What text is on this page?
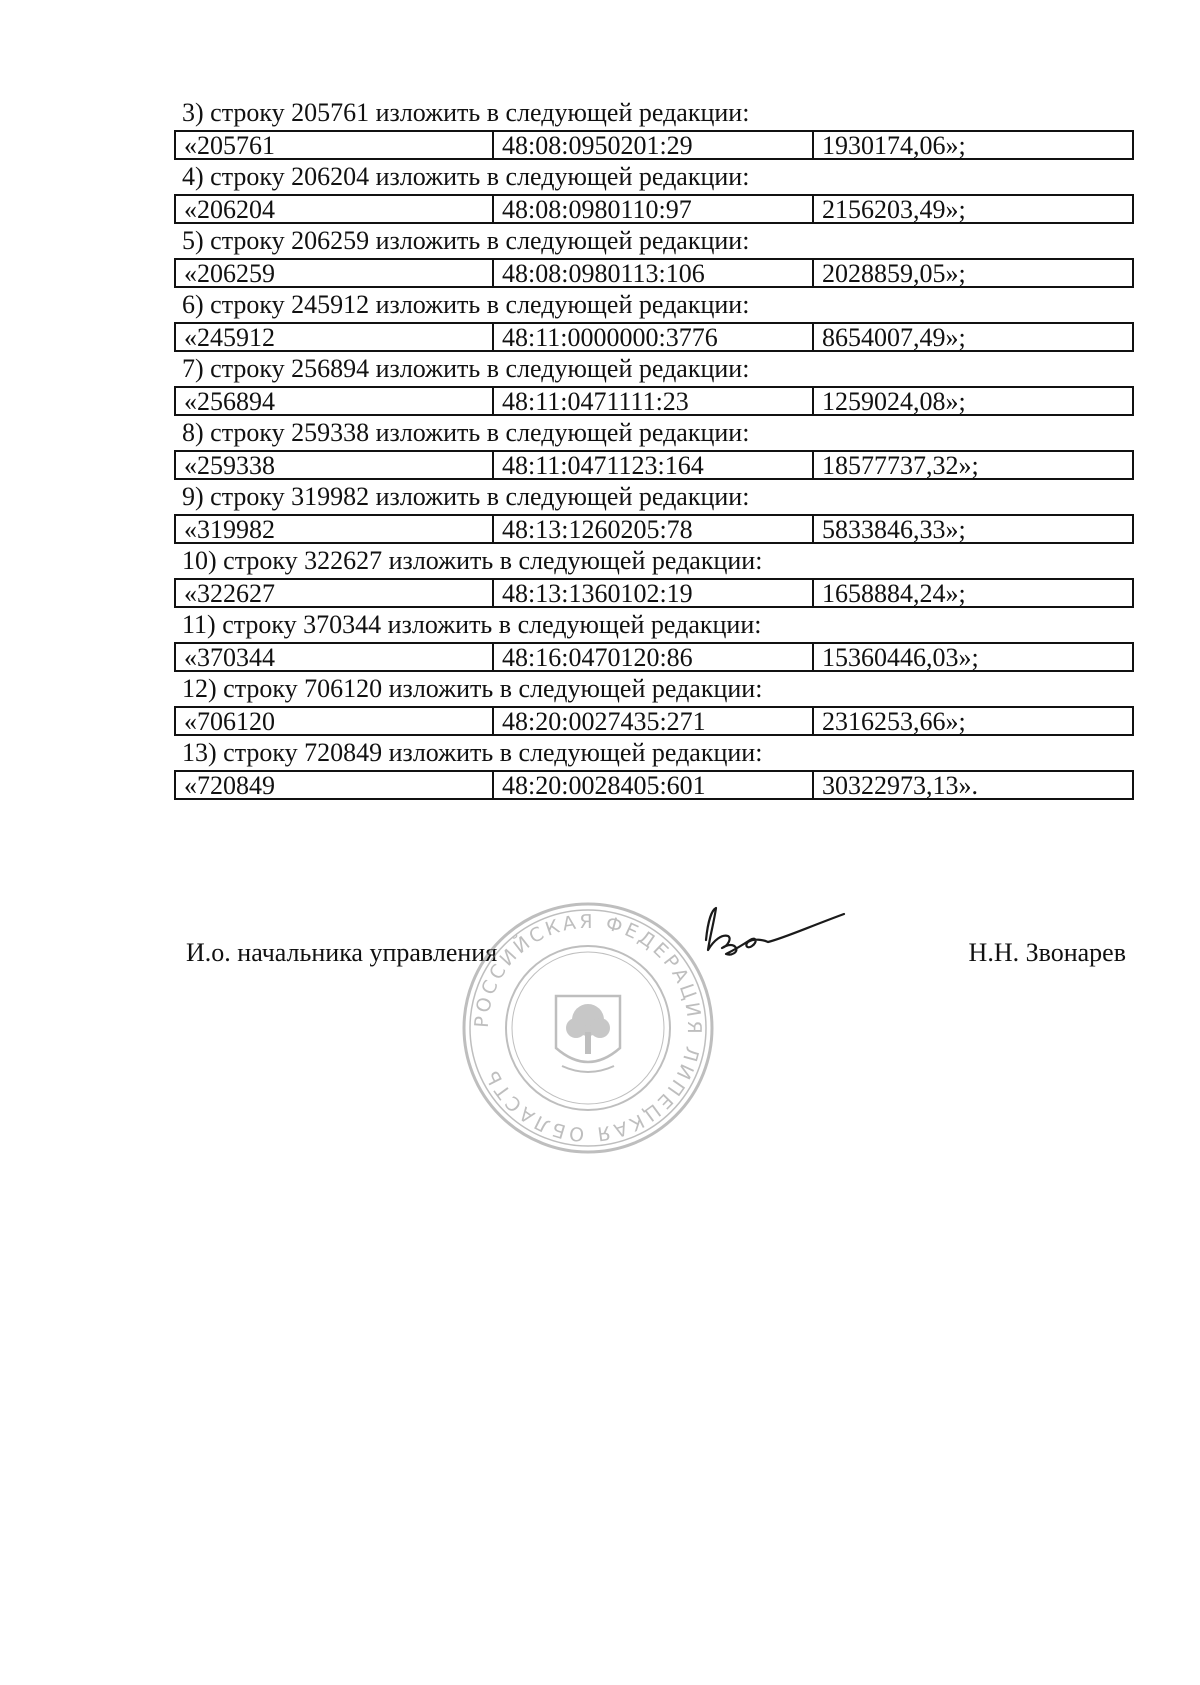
3) строку 205761 изложить в следующей редакции:
«205761	48:08:0950201:29	1930174,06»;
4) строку 206204 изложить в следующей редакции:
«206204	48:08:0980110:97	2156203,49»;
5) строку 206259 изложить в следующей редакции:
«206259	48:08:0980113:106	2028859,05»;
6) строку 245912 изложить в следующей редакции:
«245912	48:11:0000000:3776	8654007,49»;
7) строку 256894 изложить в следующей редакции:
«256894	48:11:0471111:23	1259024,08»;
8) строку 259338 изложить в следующей редакции:
«259338	48:11:0471123:164	18577737,32»;
9) строку 319982 изложить в следующей редакции:
«319982	48:13:1260205:78	5833846,33»;
10) строку 322627 изложить в следующей редакции:
«322627	48:13:1360102:19	1658884,24»;
11) строку 370344 изложить в следующей редакции:
«370344	48:16:0470120:86	15360446,03»;
12) строку 706120 изложить в следующей редакции:
«706120	48:20:0027435:271	2316253,66»;
13) строку 720849 изложить в следующей редакции:
«720849	48:20:0028405:601	30322973,13».
И.о. начальника управления	Н.Н. Звонарев
РОССИЙСКАЯ ФЕДЕРАЦИЯ ЛИПЕЦКАЯ ОБЛАСТЬ
